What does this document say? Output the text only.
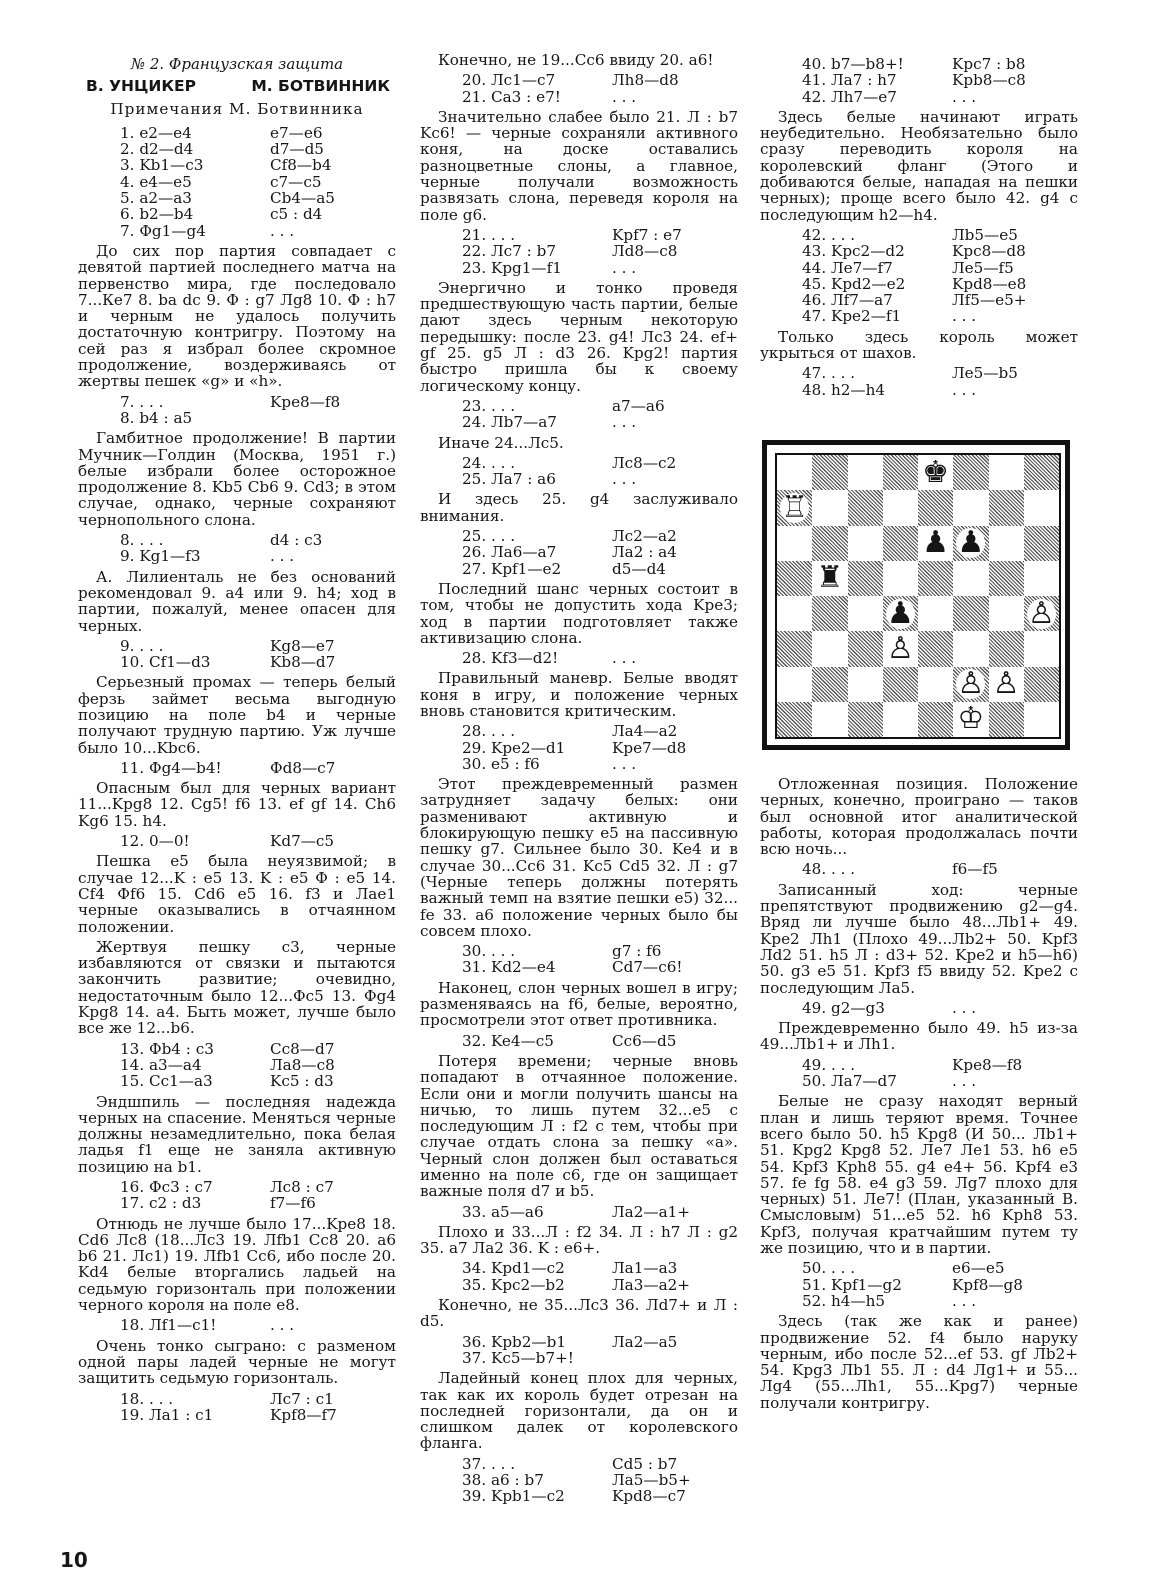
№ 2. Французская защита
В. УНЦИКЕР	М. БОТВИННИК
Примечания М. Ботвинника
1. e2—e4	e7—e6
2. d2—d4	d7—d5
3. Kb1—c3	Cf8—b4
4. e4—e5	c7—c5
5. a2—a3	Cb4—a5
6. b2—b4	c5 : d4
7. Фg1—g4	. . .
До сих пор партия совпадает с девятой партией последнего матча на первенство мира, где последовало 7...Ке7 8. ba dc 9. Ф : g7 Лg8 10. Ф : h7 и черным не удалось получить достаточную контригру. Поэтому на сей раз я избрал более скромное продолжение, воздерживаясь от жертвы пешек «g» и «h».
7. . . .	Kpe8—f8
8. b4 : a5
Гамбитное продолжение! В партии Мучник—Голдин (Москва, 1951 г.) белые избрали более осторожное продолжение 8. Kb5 Cb6 9. Cd3; в этом случае, однако, черные сохраняют чернопольного слона.
8. . . .	d4 : c3
9. Kg1—f3	. . .
А. Лилиенталь не без оснований рекомендовал 9. a4 или 9. h4; ход в партии, пожалуй, менее опасен для черных.
9. . . .	Kg8—e7
10. Cf1—d3	Kb8—d7
Серьезный промах — теперь белый ферзь займет весьма выгодную позицию на поле b4 и черные получают трудную партию. Уж лучше было 10...Kbc6.
11. Фg4—b4!	Фd8—c7
Опасным был для черных вариант 11...Kpg8 12. Cg5! f6 13. ef gf 14. Ch6 Kg6 15. h4.
12. 0—0!	Kd7—c5
Пешка e5 была неуязвимой; в случае 12...K : e5 13. K : e5 Ф : e5 14. Cf4 Фf6 15. Cd6 e5 16. f3 и Лae1 черные оказывались в отчаянном положении.
Жертвуя пешку c3, черные избавляются от связки и пытаются закончить развитие; очевидно, недостаточным было 12...Фc5 13. Фg4 Kpg8 14. a4. Быть может, лучше было все же 12...b6.
13. Фb4 : c3	Cc8—d7
14. a3—a4	Лa8—c8
15. Cc1—a3	Kc5 : d3
Эндшпиль — последняя надежда черных на спасение. Меняться черные должны незамедлительно, пока белая ладья f1 еще не заняла активную позицию на b1.
16. Фc3 : c7	Лc8 : c7
17. c2 : d3	f7—f6
Отнюдь не лучше было 17...Kpe8 18. Cd6 Лc8 (18...Лc3 19. Лfb1 Cc8 20. a6 b6 21. Лc1) 19. Лfb1 Cc6, ибо после 20. Kd4 белые вторгались ладьей на седьмую горизонталь при положении черного короля на поле e8.
18. Лf1—c1!	. . .
Очень тонко сыграно: с разменом одной пары ладей черные не могут защитить седьмую горизонталь.
18. . . .	Лc7 : c1
19. Лa1 : c1	Kpf8—f7
Конечно, не 19...Cc6 ввиду 20. a6!
20. Лc1—c7	Лh8—d8
21. Ca3 : e7!	. . .
Значительно слабее было 21. Л : b7 Kc6! — черные сохраняли активного коня, на доске оставались разноцветные слоны, а главное, черные получали возможность развязать слона, переведя короля на поле g6.
21. . . .	Kpf7 : e7
22. Лc7 : b7	Лd8—c8
23. Kpg1—f1	. . .
Энергично и тонко проведя предшествующую часть партии, белые дают здесь черным некоторую передышку: после 23. g4! Лc3 24. ef+ gf 25. g5 Л : d3 26. Kpg2! партия быстро пришла бы к своему логическому концу.
23. . . .	a7—a6
24. Лb7—a7	. . .
Иначе 24...Лc5.
24. . . .	Лc8—c2
25. Лa7 : a6	. . .
И здесь 25. g4 заслуживало внимания.
25. . . .	Лc2—a2
26. Лa6—a7	Лa2 : a4
27. Kpf1—e2	d5—d4
Последний шанс черных состоит в том, чтобы не допустить хода Kpe3; ход в партии подготовляет также активизацию слона.
28. Kf3—d2!	. . .
Правильный маневр. Белые вводят коня в игру, и положение черных вновь становится критическим.
28. . . .	Лa4—a2
29. Kpe2—d1	Kpe7—d8
30. e5 : f6	. . .
Этот преждевременный размен затрудняет задачу белых: они разменивают активную и блокирующую пешку e5 на пассивную пешку g7. Сильнее было 30. Ke4 и в случае 30...Cc6 31. Kc5 Cd5 32. Л : g7 (Черные теперь должны потерять важный темп на взятие пешки e5) 32... fe 33. a6 положение черных было бы совсем плохо.
30. . . .	g7 : f6
31. Kd2—e4	Cd7—c6!
Наконец, слон черных вошел в игру; разменяваясь на f6, белые, вероятно, просмотрели этот ответ противника.
32. Ke4—c5	Cc6—d5
Потеря времени; черные вновь попадают в отчаянное положение. Если они и могли получить шансы на ничью, то лишь путем 32...e5 с последующим Л : f2 с тем, чтобы при случае отдать слона за пешку «a». Черный слон должен был оставаться именно на поле c6, где он защищает важные поля d7 и b5.
33. a5—a6	Лa2—a1+
Плохо и 33...Л : f2 34. Л : h7 Л : g2 35. a7 Лa2 36. K : e6+.
34. Kpd1—c2	Лa1—a3
35. Kpc2—b2	Лa3—a2+
Конечно, не 35...Лc3 36. Лd7+ и Л : d5.
36. Kpb2—b1	Лa2—a5
37. Kc5—b7+!
Ладейный конец плох для черных, так как их король будет отрезан на последней горизонтали, да он и слишком далек от королевского фланга.
37. . . .	Cd5 : b7
38. a6 : b7	Лa5—b5+
39. Kpb1—c2	Kpd8—c7
40. b7—b8+!	Kpc7 : b8
41. Лa7 : h7	Kpb8—c8
42. Лh7—e7	. . .
Здесь белые начинают играть неубедительно. Необязательно было сразу переводить короля на королевский фланг (Этого и добиваются белые, нападая на пешки черных); проще всего было 42. g4 с последующим h2—h4.
42. . . .	Лb5—e5
43. Kpc2—d2	Kpc8—d8
44. Лe7—f7	Лe5—f5
45. Kpd2—e2	Kpd8—e8
46. Лf7—a7	Лf5—e5+
47. Kpe2—f1	. . .
Только здесь король может укрыться от шахов.
47. . . .	Лe5—b5
48. h2—h4	. . .
♚
♖
♟ ♟
♜
♟	♙
♙
♙ ♙
♔
Отложенная позиция. Положение черных, конечно, проиграно — таков был основной итог аналитической работы, которая продолжалась почти всю ночь...
48. . . .	f6—f5
Записанный ход: черные препятствуют продвижению g2—g4. Вряд ли лучше было 48...Лb1+ 49. Kpe2 Лh1 (Плохо 49...Лb2+ 50. Kpf3 Лd2 51. h5 Л : d3+ 52. Kpe2 и h5—h6) 50. g3 e5 51. Kpf3 f5 ввиду 52. Kpe2 с последующим Лa5.
49. g2—g3	. . .
Преждевременно было 49. h5 из-за 49...Лb1+ и Лh1.
49. . . .	Kpe8—f8
50. Лa7—d7	. . .
Белые не сразу находят верный план и лишь теряют время. Точнее всего было 50. h5 Kpg8 (И 50... Лb1+ 51. Kpg2 Kpg8 52. Лe7 Лe1 53. h6 e5 54. Kpf3 Kph8 55. g4 e4+ 56. Kpf4 e3 57. fe fg 58. e4 g3 59. Лg7 плохо для черных) 51. Лe7! (План, указанный В. Смысловым) 51...e5 52. h6 Kph8 53. Kpf3, получая кратчайшим путем ту же позицию, что и в партии.
50. . . .	e6—e5
51. Kpf1—g2	Kpf8—g8
52. h4—h5	. . .
Здесь (так же как и ранее) продвижение 52. f4 было наруку черным, ибо после 52...ef 53. gf Лb2+ 54. Kpg3 Лb1 55. Л : d4 Лg1+ и 55... Лg4 (55...Лh1, 55...Kpg7) черные получали контригру.
10
